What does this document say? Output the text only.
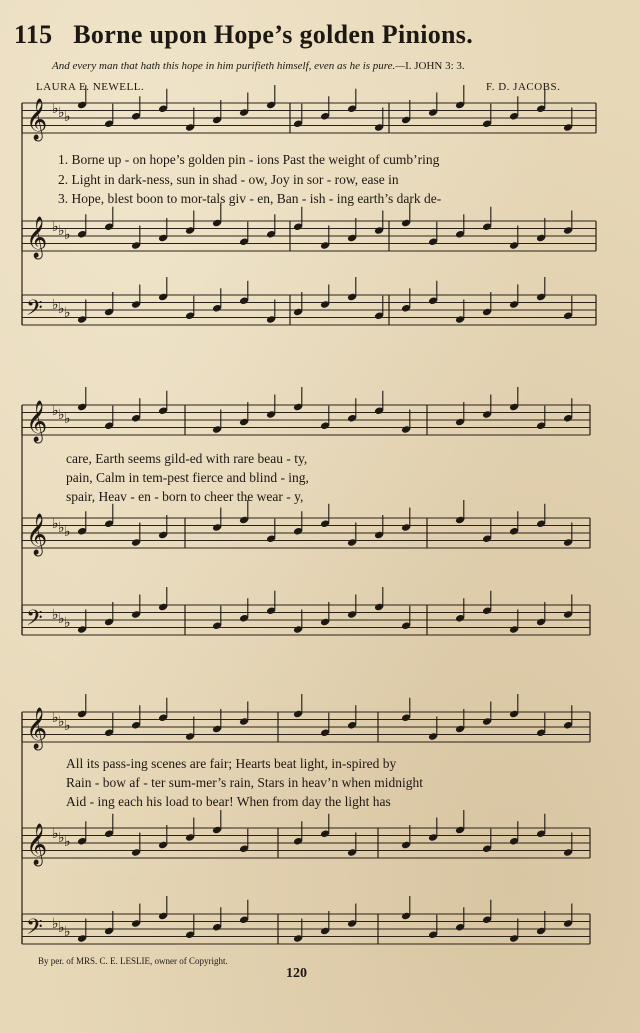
115 Borne upon Hope’s golden Pinions.
And every man that hath this hope in him purifieth himself, even as he is pure.—I. JOHN 3: 3.
LAURA E. NEWELL.	F. D. JACOBS.
𝄞 ♭ ♭ ♭
𝄞 ♭ ♭ ♭
𝄢 ♭ ♭ ♭
𝄞 ♭ ♭ ♭
𝄞 ♭ ♭ ♭
𝄢 ♭ ♭ ♭
𝄞 ♭ ♭ ♭
𝄞 ♭ ♭ ♭
𝄢 ♭ ♭ ♭
1. Borne up - on hope’s golden pin - ions Past the weight of cumb’ring
2. Light in dark-ness, sun in shad - ow, Joy in sor - row, ease in
3. Hope, blest boon to mor-tals giv - en, Ban - ish - ing earth’s dark de-
care, Earth seems gild-ed with rare beau - ty,
pain, Calm in tem-pest fierce and blind - ing,
spair, Heav - en - born to cheer the wear - y,
All its pass-ing scenes are fair; Hearts beat light, in-spired by
Rain - bow af - ter sum-mer’s rain, Stars in heav’n when midnight
Aid - ing each his load to bear! When from day the light has
By per. of MRS. C. E. LESLIE, owner of Copyright.
120
